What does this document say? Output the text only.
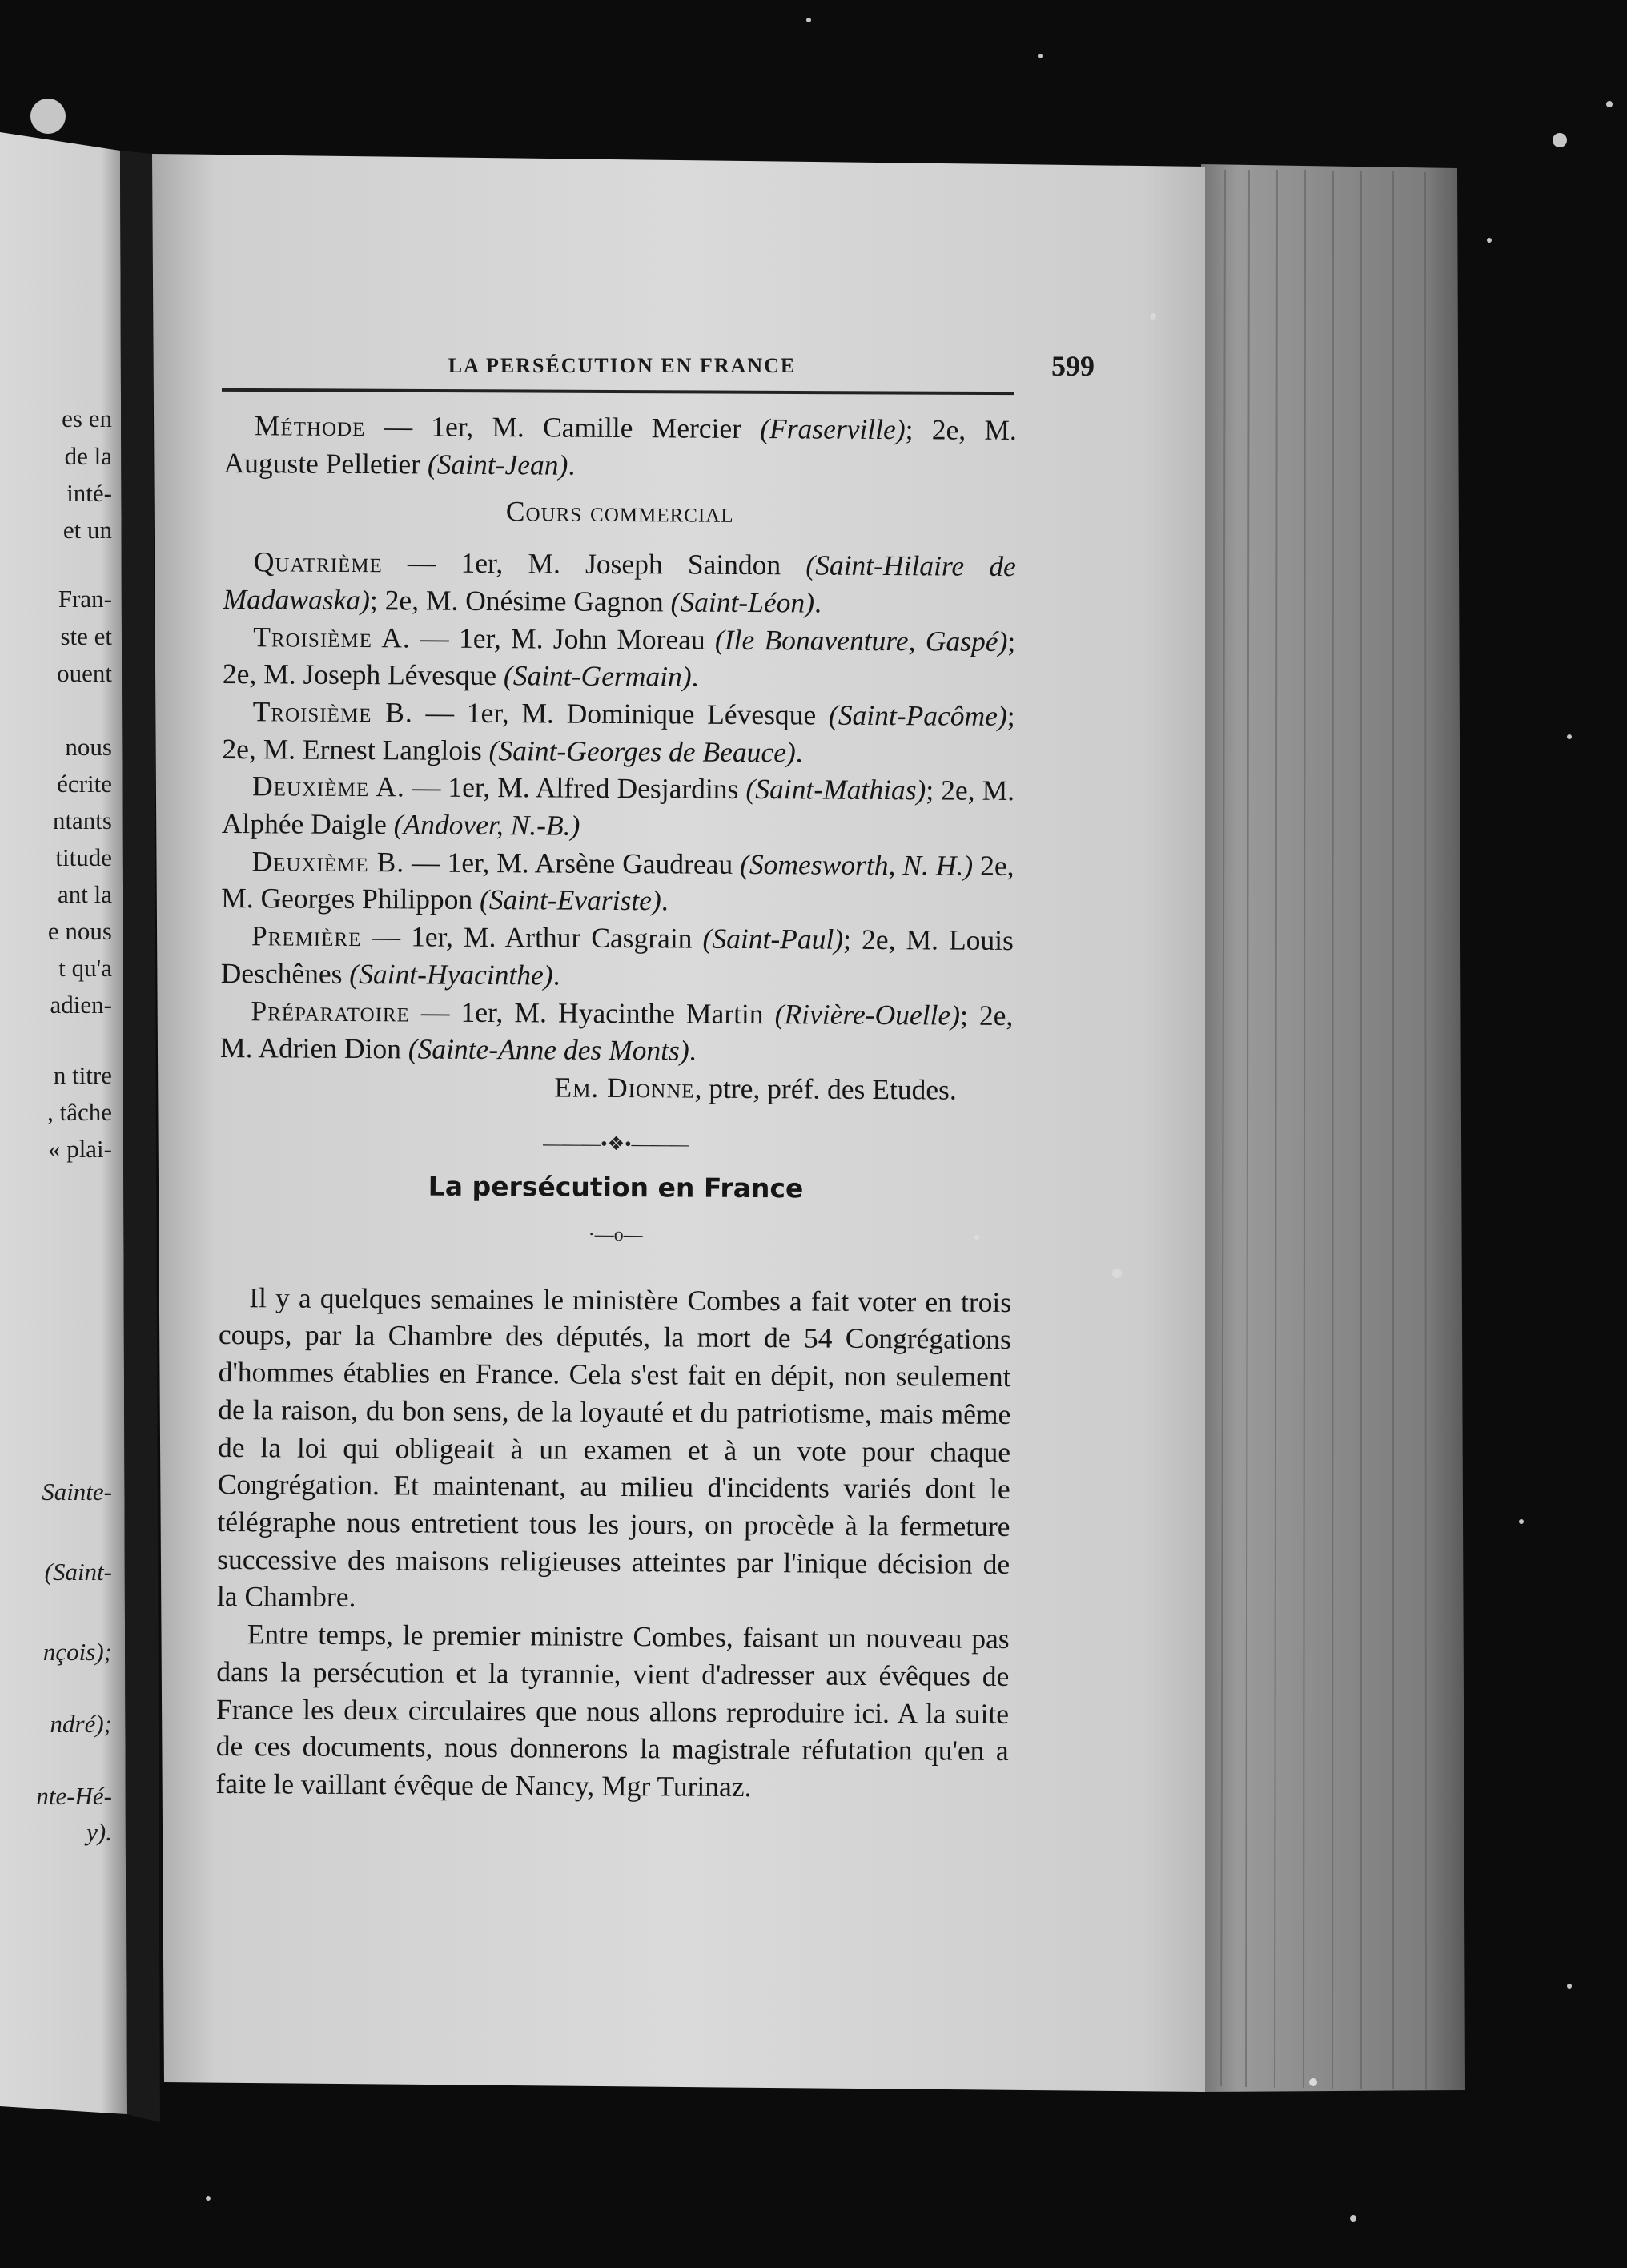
es en
de la
inté-
et un
Fran-
ste et
ouent
nous
écrite
ntants
titude
ant la
e nous
t qu'a
adien-
n titre
, tâche
« plai-
Sainte-
(Saint-
nçois);
ndré);
nte-Hé-
y).
LA PERSÉCUTION EN FRANCE	599

Méthode — 1er, M. Camille Mercier (Fraserville); 2e, M. Auguste Pelletier (Saint-Jean).

Cours commercial

Quatrième — 1er, M. Joseph Saindon (Saint-Hilaire de Madawaska); 2e, M. Onésime Gagnon (Saint-Léon).

Troisième A. — 1er, M. John Moreau (Ile Bonaventure, Gaspé); 2e, M. Joseph Lévesque (Saint-Germain).

Troisième B. — 1er, M. Dominique Lévesque (Saint-Pacôme); 2e, M. Ernest Langlois (Saint-Georges de Beauce).

Deuxième A. — 1er, M. Alfred Desjardins (Saint-Mathias); 2e, M. Alphée Daigle (Andover, N.-B.)

Deuxième B. — 1er, M. Arsène Gaudreau (Somesworth, N. H.) 2e, M. Georges Philippon (Saint-Evariste).

Première — 1er, M. Arthur Casgrain (Saint-Paul); 2e, M. Louis Deschênes (Saint-Hyacinthe).

Préparatoire — 1er, M. Hyacinthe Martin (Rivière-Ouelle); 2e, M. Adrien Dion (Sainte-Anne des Monts).

Em. Dionne, ptre, préf. des Etudes.

———•❖•———

La persécution en France

·—o—

Il y a quelques semaines le ministère Combes a fait voter en trois coups, par la Chambre des députés, la mort de 54 Congrégations d'hommes établies en France. Cela s'est fait en dépit, non seulement de la raison, du bon sens, de la loyauté et du patriotisme, mais même de la loi qui obligeait à un examen et à un vote pour chaque Congrégation. Et maintenant, au milieu d'incidents variés dont le télégraphe nous entretient tous les jours, on procède à la fermeture successive des maisons religieuses atteintes par l'inique décision de la Chambre.

Entre temps, le premier ministre Combes, faisant un nouveau pas dans la persécution et la tyrannie, vient d'adresser aux évêques de France les deux circulaires que nous allons reproduire ici. A la suite de ces documents, nous donnerons la magistrale réfutation qu'en a faite le vaillant évêque de Nancy, Mgr Turinaz.
